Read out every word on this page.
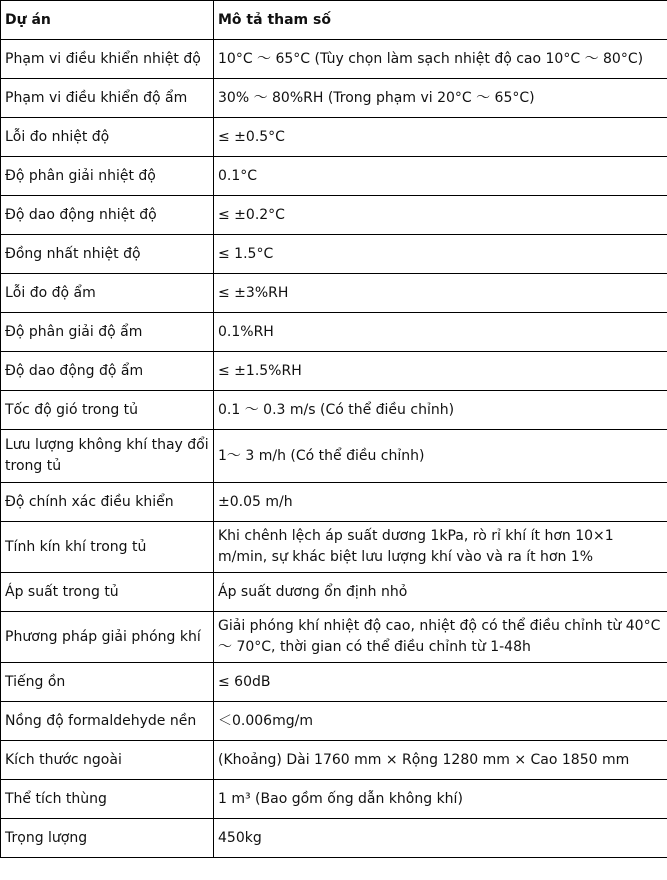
Dự án	Mô tả tham số
Phạm vi điều khiển nhiệt độ	10°C ～ 65°C (Tùy chọn làm sạch nhiệt độ cao 10°C ～ 80°C)
Phạm vi điều khiển độ ẩm	30% ～ 80%RH (Trong phạm vi 20°C ～ 65°C)
Lỗi đo nhiệt độ	≤ ±0.5°C
Độ phân giải nhiệt độ	0.1°C
Độ dao động nhiệt độ	≤ ±0.2°C
Đồng nhất nhiệt độ	≤ 1.5°C
Lỗi đo độ ẩm	≤ ±3%RH
Độ phân giải độ ẩm	0.1%RH
Độ dao động độ ẩm	≤ ±1.5%RH
Tốc độ gió trong tủ	0.1 ～ 0.3 m/s (Có thể điều chỉnh)
Lưu lượng không khí thay đổi trong tủ	1～ 3 m/h (Có thể điều chỉnh)
Độ chính xác điều khiển	±0.05 m/h
Tính kín khí trong tủ	Khi chênh lệch áp suất dương 1kPa, rò rỉ khí ít hơn 10×1 m/min, sự khác biệt lưu lượng khí vào và ra ít hơn 1%
Áp suất trong tủ	Áp suất dương ổn định nhỏ
Phương pháp giải phóng khí	Giải phóng khí nhiệt độ cao, nhiệt độ có thể điều chỉnh từ 40°C～ 70°C, thời gian có thể điều chỉnh từ 1-48h
Tiếng ồn	≤ 60dB
Nồng độ formaldehyde nền	＜0.006mg/m
Kích thước ngoài	(Khoảng) Dài 1760 mm × Rộng 1280 mm × Cao 1850 mm
Thể tích thùng	1 m³ (Bao gồm ống dẫn không khí)
Trọng lượng	450kg
